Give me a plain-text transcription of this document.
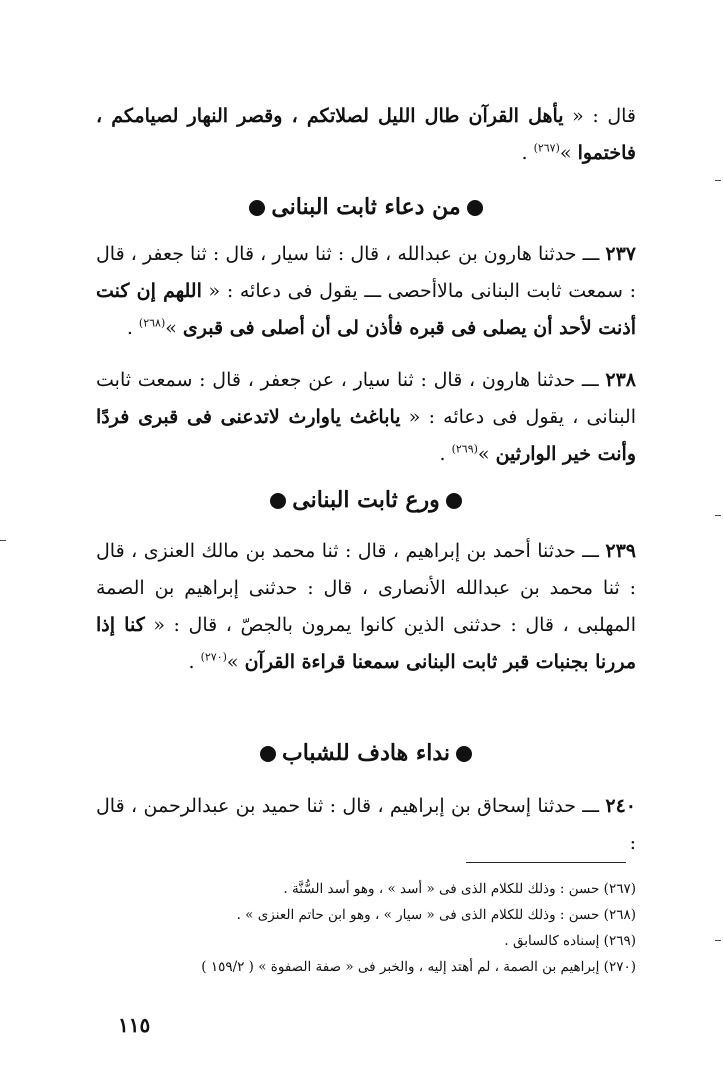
قال : « يأهل القرآن طال الليل لصلاتكم ، وقصر النهار لصيامكم ، فاختموا »$^{(٢٦٧)}$ .
من دعاء ثابت البنانى
٢٣٧ ـــ حدثنا هارون بن عبدالله ، قال : ثنا سيار ، قال : ثنا جعفر ، قال : سمعت ثابت البنانى مالاأحصى ـــ يقول فى دعائه : « اللهم إن كنت أذنت لأحد أن يصلى فى قبره فأذن لى أن أصلى فى قبرى »$^{(٢٦٨)}$ .
٢٣٨ ـــ حدثنا هارون ، قال : ثنا سيار ، عن جعفر ، قال : سمعت ثابت البنانى ، يقول فى دعائه : « ياباغث ياوارث لاتدعنى فى قبرى فردًا وأنت خير الوارثين »$^{(٢٦٩)}$ .
ورع ثابت البنانى
٢٣٩ ـــ حدثنا أحمد بن إبراهيم ، قال : ثنا محمد بن مالك العنزى ، قال : ثنا محمد بن عبدالله الأنصارى ، قال : حدثنى إبراهيم بن الصمة المهلبى ، قال : حدثنى الذين كانوا يمرون بالجصّ ، قال : « كنا إذا مررنا بجنبات قبر ثابت البنانى سمعنا قراءة القرآن »$^{(٢٧٠)}$ .
نداء هادف للشباب
٢٤٠ ـــ حدثنا إسحاق بن إبراهيم ، قال : ثنا حميد بن عبدالرحمن ، قال :
(٢٦٧) حسن : وذلك للكلام الذى فى « أسد » ، وهو أسد السُّنَّة .
(٢٦٨) حسن : وذلك للكلام الذى فى « سيار » ، وهو ابن حاتم العنزى » .
(٢٦٩) إسناده كالسابق .
(٢٧٠) إبراهيم بن الصمة ، لم أهتد إليه ، والخبر فى « صفة الصفوة » ( ١٥٩/٢ )
١١٥
